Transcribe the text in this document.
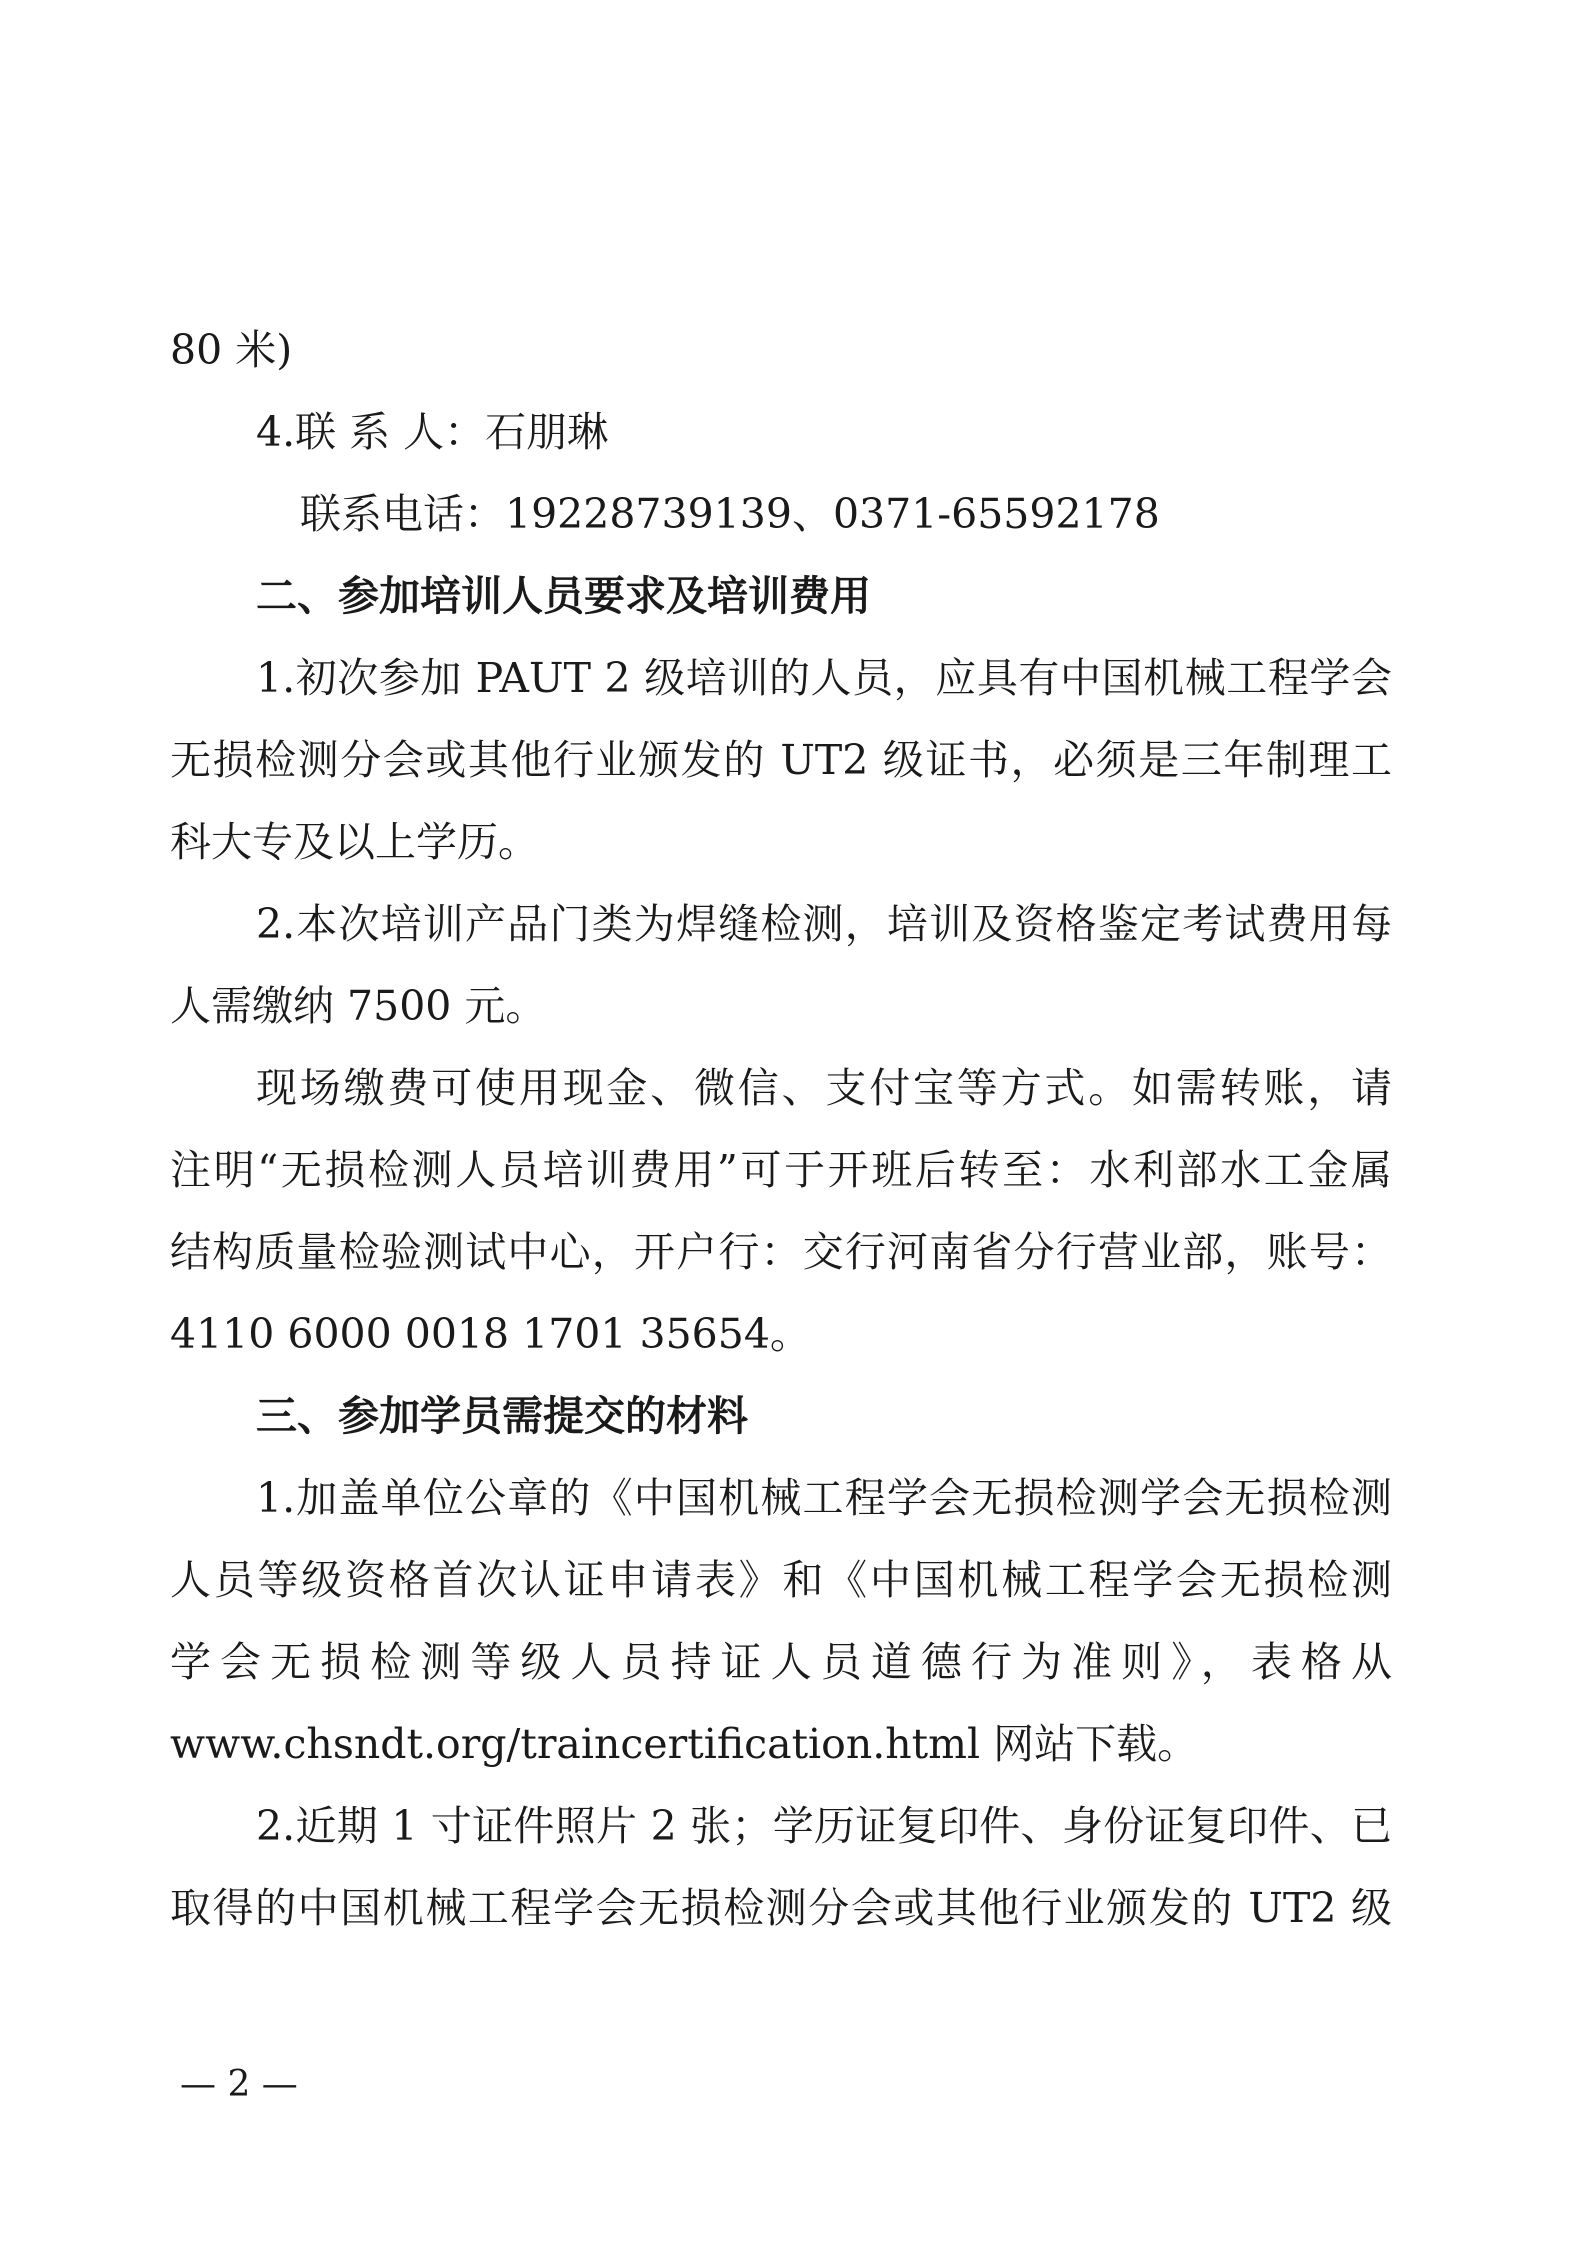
80 米)
4.联 系 人：石朋琳
联系电话：19228739139、0371-65592178
二、参加培训人员要求及培训费用
1.初次参加 PAUT 2 级培训的人员，应具有中国机械工程学会
无损检测分会或其他行业颁发的 UT2 级证书，必须是三年制理工
科大专及以上学历。
2.本次培训产品门类为焊缝检测，培训及资格鉴定考试费用每
人需缴纳 7500 元。
现场缴费可使用现金、微信、支付宝等方式。如需转账，请
注明“无损检测人员培训费用”可于开班后转至：水利部水工金属
结构质量检验测试中心，开户行：交行河南省分行营业部，账号：
4110 6000 0018 1701 35654。
三、参加学员需提交的材料
1.加盖单位公章的《中国机械工程学会无损检测学会无损检测
人员等级资格首次认证申请表》和《中国机械工程学会无损检测
学会无损检测等级人员持证人员道德行为准则》，表格从
www.chsndt.org/traincertification.html 网站下载。
2.近期 1 寸证件照片 2 张；学历证复印件、身份证复印件、已
取得的中国机械工程学会无损检测分会或其他行业颁发的 UT2 级
— 2 —
